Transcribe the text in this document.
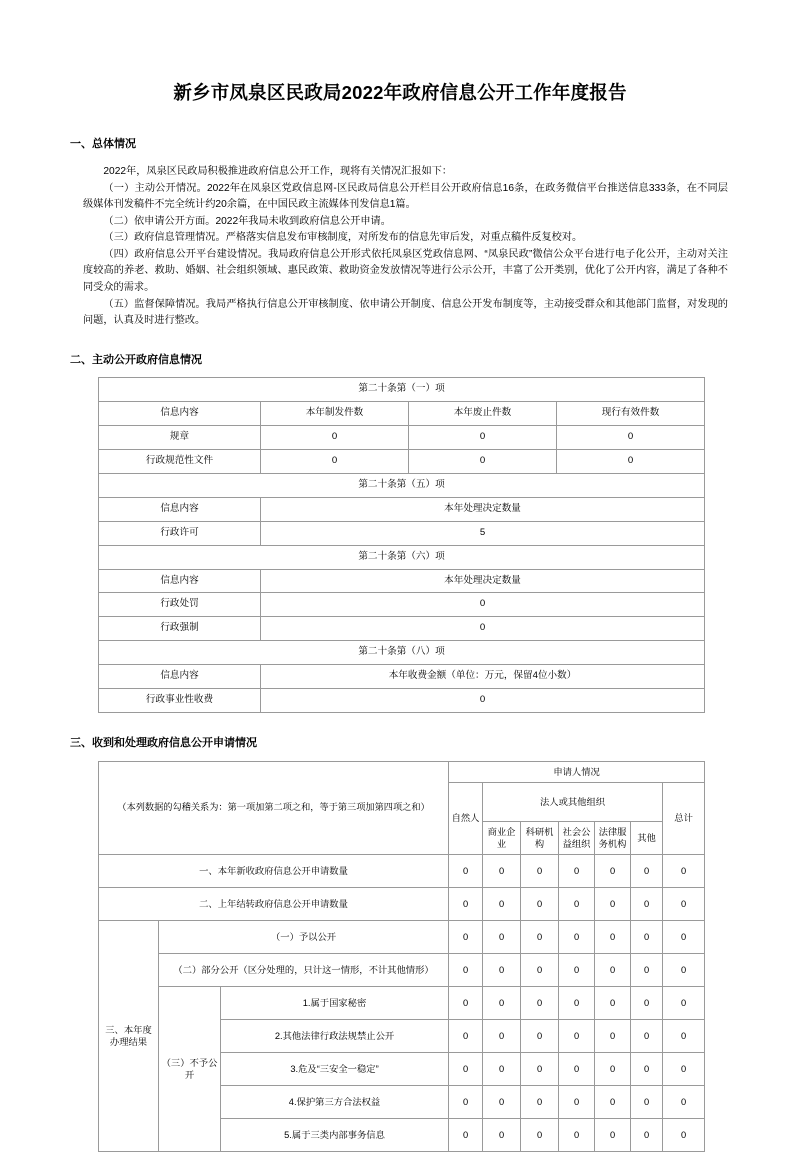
新乡市凤泉区民政局2022年政府信息公开工作年度报告
一、总体情况

2022年，凤泉区民政局积极推进政府信息公开工作，现将有关情况汇报如下：

（一）主动公开情况。2022年在凤泉区党政信息网-区民政局信息公开栏目公开政府信息16条，在政务微信平台推送信息333条，在不同层级媒体刊发稿件不完全统计约20余篇，在中国民政主流媒体刊发信息1篇。

（二）依申请公开方面。2022年我局未收到政府信息公开申请。

（三）政府信息管理情况。严格落实信息发布审核制度，对所发布的信息先审后发，对重点稿件反复校对。

（四）政府信息公开平台建设情况。我局政府信息公开形式依托凤泉区党政信息网、“凤泉民政”微信公众平台进行电子化公开，主动对关注度较高的养老、救助、婚姻、社会组织领域、惠民政策、救助资金发放情况等进行公示公开，丰富了公开类别，优化了公开内容，满足了各种不同受众的需求。

（五）监督保障情况。我局严格执行信息公开审核制度、依申请公开制度、信息公开发布制度等，主动接受群众和其他部门监督，对发现的问题，认真及时进行整改。

二、主动公开政府信息情况
第二十条第（一）项			
信息内容	本年制发件数	本年废止件数	现行有效件数
规章	0	0	0
行政规范性文件	0	0	0
第二十条第（五）项			
信息内容	本年处理决定数量		
行政许可	5		
第二十条第（六）项			
信息内容	本年处理决定数量		
行政处罚	0		
行政强制	0		
第二十条第（八）项			
信息内容	本年收费金额（单位：万元，保留4位小数）		
行政事业性收费	0		
三、收到和处理政府信息公开申请情况
（本列数据的勾稽关系为：第一项加第二项之和，等于第三项加第四项之和）			申请人情况						
			自然人	法人或其他组织					总计
				商业企业	科研机构	社会公益组织	法律服务机构	其他	
一、本年新收政府信息公开申请数量			0	0	0	0	0	0	0
二、上年结转政府信息公开申请数量			0	0	0	0	0	0	0
三、本年度办理结果	（一）予以公开		0	0	0	0	0	0	0
	（二）部分公开（区分处理的，只计这一情形，不计其他情形）		0	0	0	0	0	0	0
	（三）不予公开	1.属于国家秘密	0	0	0	0	0	0	0
		2.其他法律行政法规禁止公开	0	0	0	0	0	0	0
		3.危及“三安全一稳定”	0	0	0	0	0	0	0
		4.保护第三方合法权益	0	0	0	0	0	0	0
		5.属于三类内部事务信息	0	0	0	0	0	0	0
